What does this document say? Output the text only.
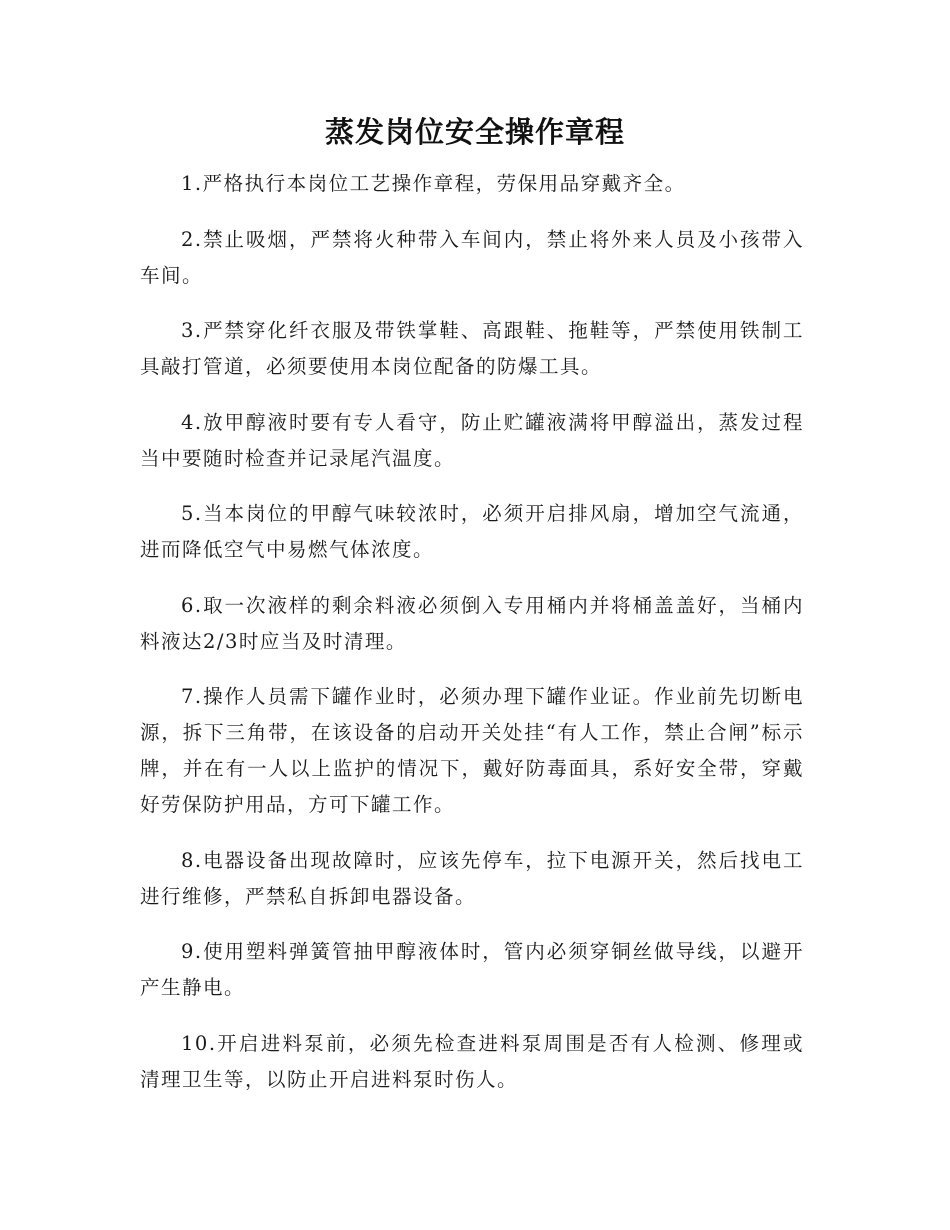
蒸发岗位安全操作章程
1.严格执行本岗位工艺操作章程，劳保用品穿戴齐全。
2.禁止吸烟，严禁将火种带入车间内，禁止将外来人员及小孩带入车间。
3.严禁穿化纤衣服及带铁掌鞋、高跟鞋、拖鞋等，严禁使用铁制工具敲打管道，必须要使用本岗位配备的防爆工具。
4.放甲醇液时要有专人看守，防止贮罐液满将甲醇溢出，蒸发过程当中要随时检查并记录尾汽温度。
5.当本岗位的甲醇气味较浓时，必须开启排风扇，增加空气流通，进而降低空气中易燃气体浓度。
6.取一次液样的剩余料液必须倒入专用桶内并将桶盖盖好，当桶内料液达2/3时应当及时清理。
7.操作人员需下罐作业时，必须办理下罐作业证。作业前先切断电源，拆下三角带，在该设备的启动开关处挂“有人工作，禁止合闸”标示牌，并在有一人以上监护的情况下，戴好防毒面具，系好安全带，穿戴好劳保防护用品，方可下罐工作。
8.电器设备出现故障时，应该先停车，拉下电源开关，然后找电工进行维修，严禁私自拆卸电器设备。
9.使用塑料弹簧管抽甲醇液体时，管内必须穿铜丝做导线，以避开产生静电。
10.开启进料泵前，必须先检查进料泵周围是否有人检测、修理或清理卫生等，以防止开启进料泵时伤人。
